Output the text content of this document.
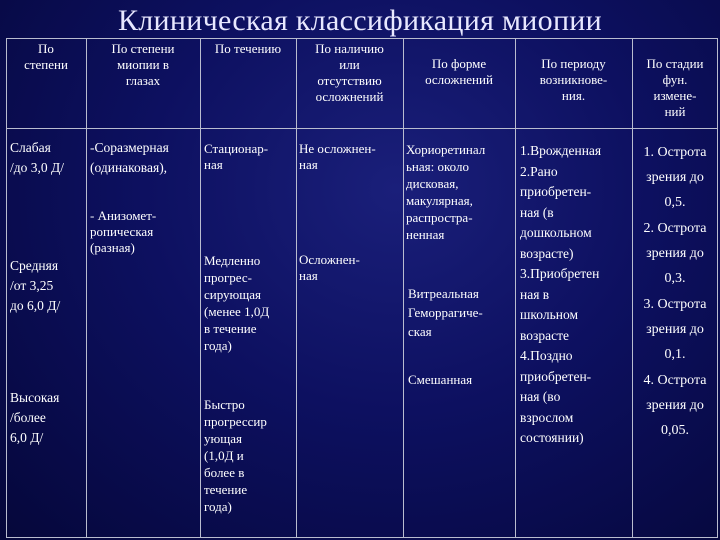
Клиническая классификация миопии
По
степени
По степени
миопии в
глазах
По течению	По наличию
или
отсутствию
осложнений
По форме
осложнений
По периоду
возникнове-
ния.
По стадии
фун.
измене-
ний
Слабая
/до 3,0 Д/
Средняя
/от 3,25
до 6,0 Д/
Высокая
/более
6,0 Д/
-Соразмерная
(одинаковая),
- Анизомет-
ропическая
(разная)
Стационар-
ная
Медленно
прогрес-
сирующая
(менее 1,0Д
в течение
года)
Быстро
прогрессир
ующая
(1,0Д и
более в
течение
года)
Не осложнен-
ная
Осложнен-
ная
Хориоретинал
ьная: около
дисковая,
макулярная,
распростра-
ненная
Витреальная
Геморрагиче-
ская
Смешанная
1.Врожденная
2.Рано
приобретен-
ная (в
дошкольном
возрасте)
3.Приобретен
ная в
школьном
возрасте
4.Поздно
приобретен-
ная (во
взрослом
состоянии)
1. Острота
зрения до
0,5.
2. Острота
зрения до
0,3.
3. Острота
зрения до
0,1.
4. Острота
зрения до
0,05.
